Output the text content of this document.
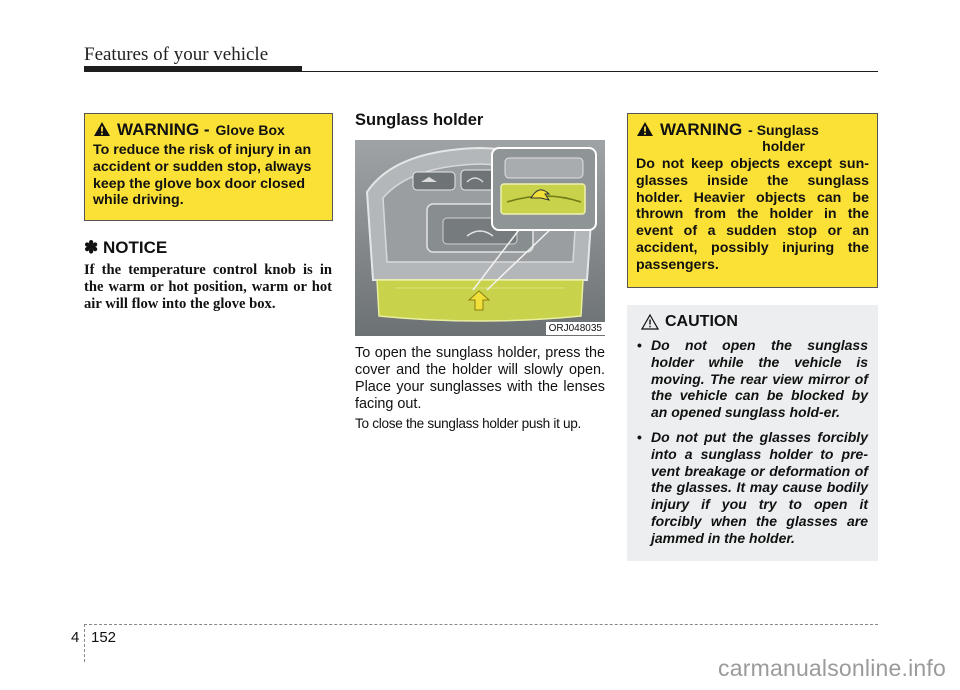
Features of your vehicle
WARNING - Glove Box
To reduce the risk of injury in an accident or sudden stop, always keep the glove box door closed while driving.
✽ NOTICE
If the temperature control knob is in the warm or hot position, warm or hot air will flow into the glove box.
Sunglass holder
ORJ048035
To open the sunglass holder, press the cover and the holder will slowly open. Place your sunglasses with the lenses facing out.
To close the sunglass holder push it up.
WARNING - Sunglass
holder
Do not keep objects except sun-glasses inside the sunglass holder. Heavier objects can be thrown from the holder in the event of a sudden stop or an accident, possibly injuring the passengers.
CAUTION
• Do not open the sunglass holder while the vehicle is moving. The rear view mirror of the vehicle can be blocked by an opened sunglass hold-er.
• Do not put the glasses forcibly into a sunglass holder to pre-vent breakage or deformation of the glasses. It may cause bodily injury if you try to open it forcibly when the glasses are jammed in the holder.
4 152
carmanualsonline.info
